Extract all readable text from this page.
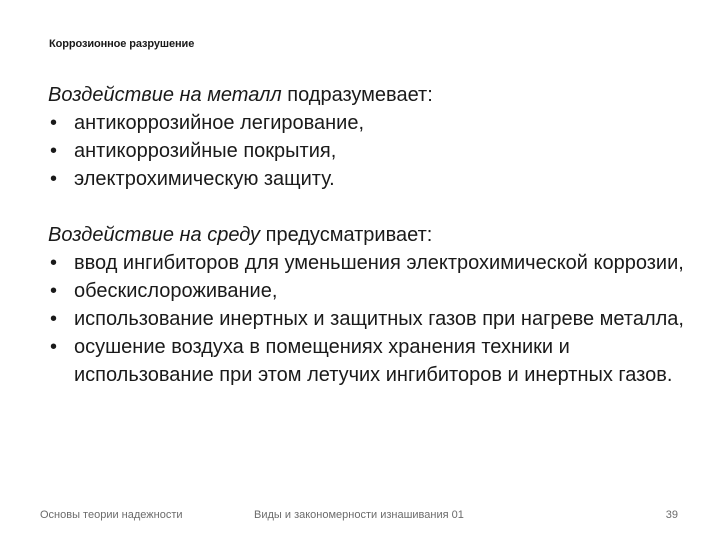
Коррозионное разрушение

Воздействие на металл подразумевает:

• антикоррозийное легирование,
• антикоррозийные покрытия,
• электрохимическую защиту.

Воздействие на среду предусматривает:

• ввод ингибиторов для уменьшения электрохимической коррозии,
• обескислороживание,
• использование инертных и защитных газов при нагреве металла,
• осушение воздуха в помещениях хранения техники и использование при этом летучих ингибиторов и инертных газов.
Основы теории надежности	Виды и закономерности изнашивания 01	39
